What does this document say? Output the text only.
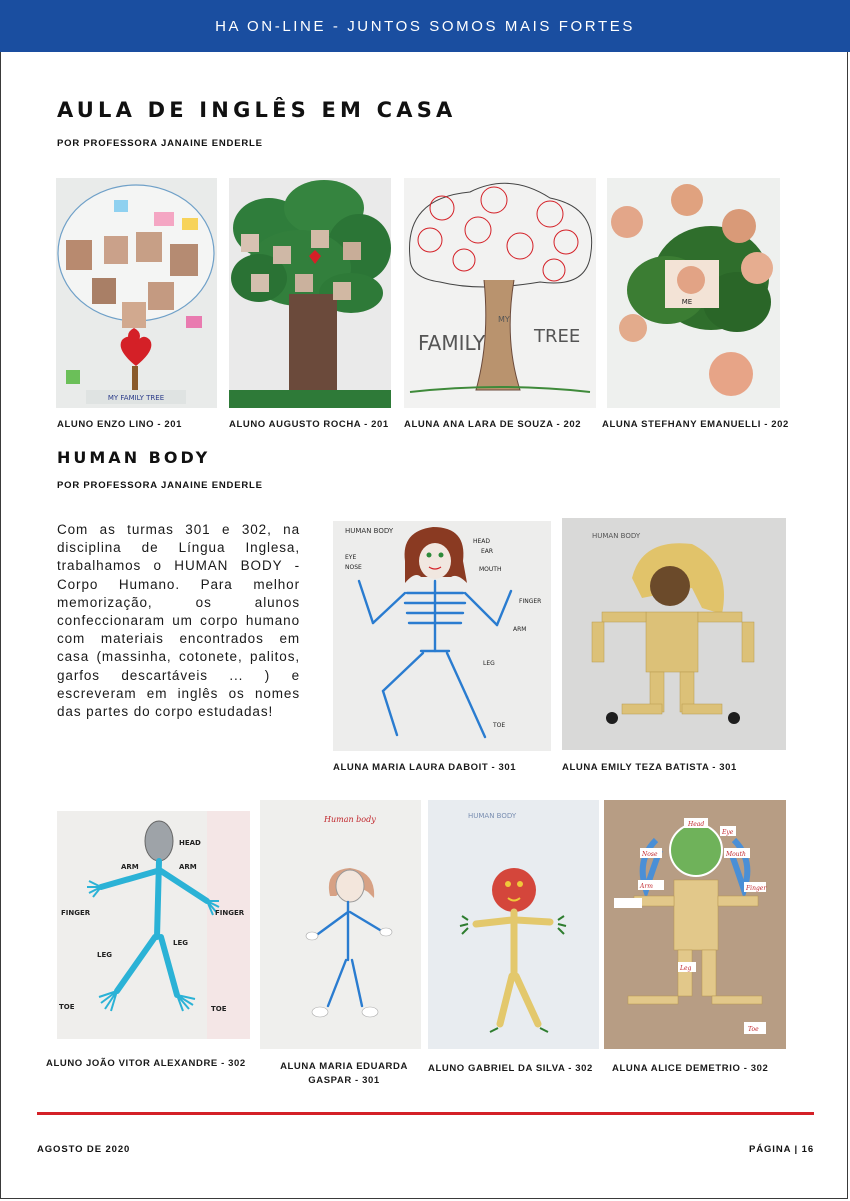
HA ON-LINE - JUNTOS SOMOS MAIS FORTES
AULA DE INGLÊS EM CASA
POR PROFESSORA JANAINE ENDERLE
MY FAMILY TREE
ALUNO ENZO LINO - 201	ALUNO AUGUSTO ROCHA - 201
FAMILY
MY
TREE
ALUNA ANA LARA DE SOUZA - 202
ME
ALUNA STEFHANY EMANUELLI - 202
HUMAN BODY
POR PROFESSORA JANAINE ENDERLE
Com as turmas 301 e 302, na disciplina de Língua Inglesa, trabalhamos o HUMAN BODY - Corpo Humano. Para melhor memorização, os alunos confeccionaram um corpo humano com materiais encontrados em casa (massinha, cotonete, palitos, garfos descartáveis ... ) e escreveram em inglês os nomes das partes do corpo estudadas!
HUMAN BODY
HEAD
EAR
EYE
NOSE	MOUTH
FINGER
ARM
LEG
TOE
ALUNA MARIA LAURA DABOIT - 301
HUMAN BODY
ALUNA EMILY TEZA BATISTA - 301
HEAD
ARM	ARM
FINGER	FINGER
LEG
LEG
TOE	TOE
ALUNO JOÃO VITOR ALEXANDRE - 302
Human body
ALUNA MARIA EDUARDA GASPAR - 301
HUMAN BODY
ALUNO GABRIEL DA SILVA - 302
Head
Eye
Nose	Mouth
Arm	Finger
Leg
Toe
ALUNA ALICE DEMETRIO - 302
AGOSTO DE 2020	PÁGINA | 16
